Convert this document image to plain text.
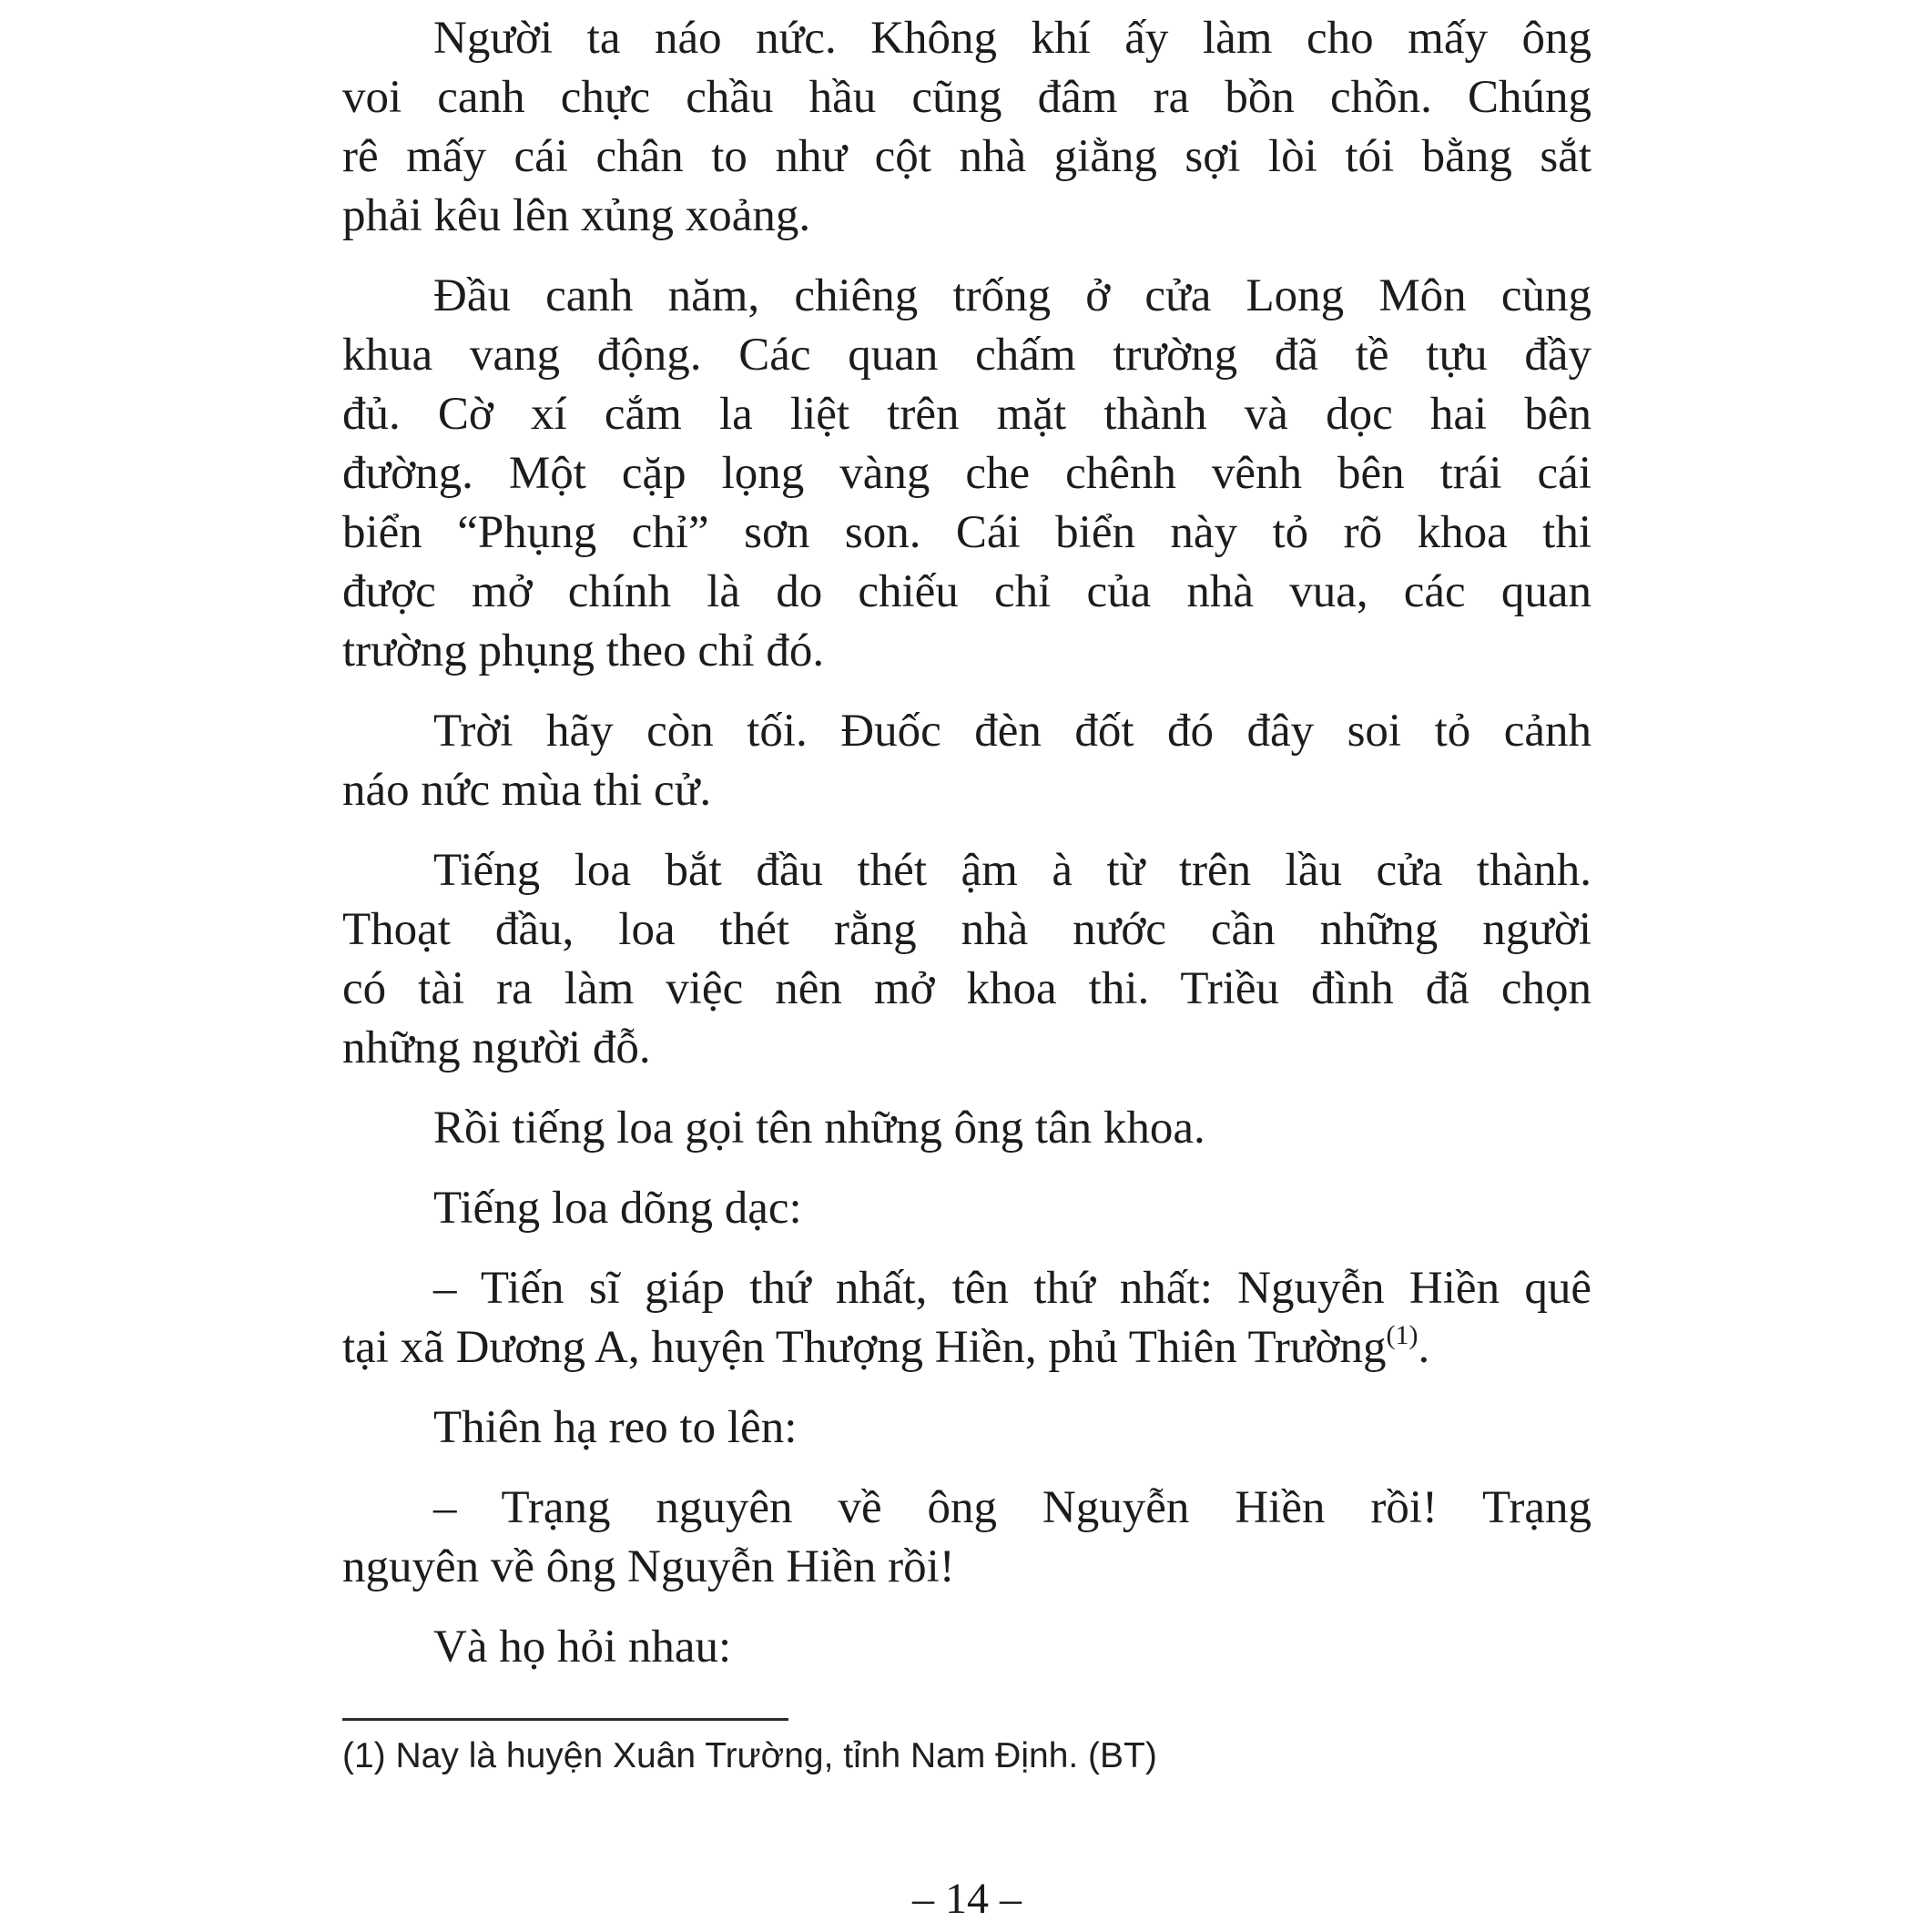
Người ta náo nức. Không khí ấy làm cho mấy ông
voi canh chực chầu hầu cũng đâm ra bồn chồn. Chúng
rê mấy cái chân to như cột nhà giằng sợi lòi tói bằng sắt
phải kêu lên xủng xoảng.

Đầu canh năm, chiêng trống ở cửa Long Môn cùng
khua vang động. Các quan chấm trường đã tề tựu đầy
đủ. Cờ xí cắm la liệt trên mặt thành và dọc hai bên
đường. Một cặp lọng vàng che chênh vênh bên trái cái
biển “Phụng chỉ” sơn son. Cái biển này tỏ rõ khoa thi
được mở chính là do chiếu chỉ của nhà vua, các quan
trường phụng theo chỉ đó.

Trời hãy còn tối. Đuốc đèn đốt đó đây soi tỏ cảnh
náo nức mùa thi cử.

Tiếng loa bắt đầu thét ậm à từ trên lầu cửa thành.
Thoạt đầu, loa thét rằng nhà nước cần những người
có tài ra làm việc nên mở khoa thi. Triều đình đã chọn
những người đỗ.

Rồi tiếng loa gọi tên những ông tân khoa.

Tiếng loa dõng dạc:

– Tiến sĩ giáp thứ nhất, tên thứ nhất: Nguyễn Hiền quê
tại xã Dương A, huyện Thượng Hiền, phủ Thiên Trường$^{(1)}$.

Thiên hạ reo to lên:

– Trạng nguyên về ông Nguyễn Hiền rồi! Trạng
nguyên về ông Nguyễn Hiền rồi!

Và họ hỏi nhau:

(1) Nay là huyện Xuân Trường, tỉnh Nam Định. (BT)
– 14 –
